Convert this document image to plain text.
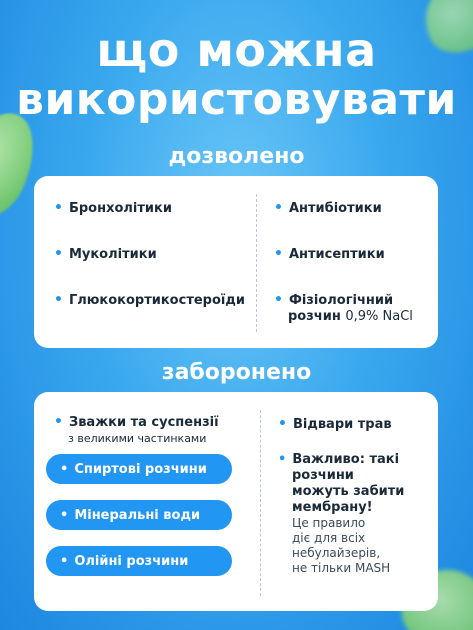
що можна
використовувати
дозволено
• Бронхолітики
• Муколітики
• Глюкокортикостероїди
• Антибіотики
• Антисептики
• Фізіологічний
розчин 0,9% NaCl
заборонено
• Зважки та суспензії
з великими частинками
• Спиртові розчини
• Мінеральні води
• Олійні розчини
• Відвари трав
• Важливо: такі
розчини
можуть забити
мембрану!
Це правило
діє для всіх
небулайзерів,
не тільки MASH
